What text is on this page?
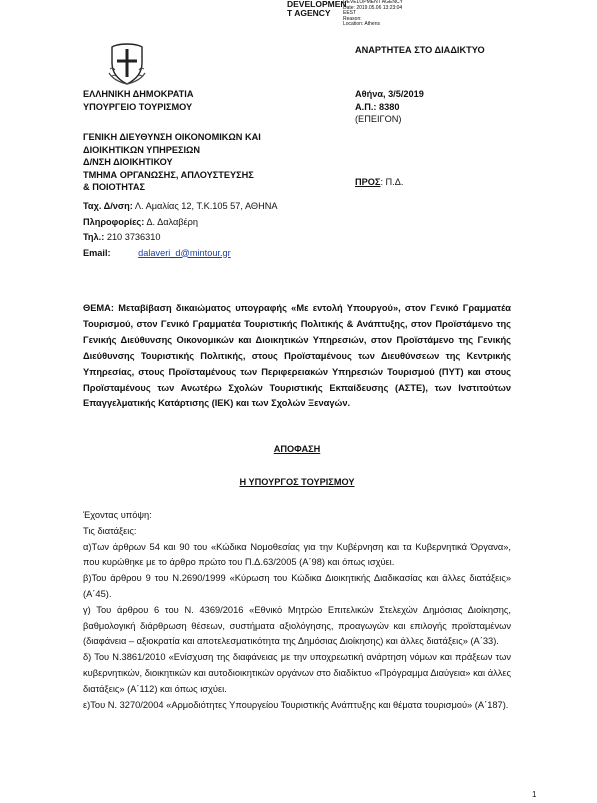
DEVELOPMEN
T AGENCY
DEVELOPMENT AGENCY
Date: 2019.05.06 13:23:04
EEST
Reason:
Location: Athens
ΑΝΑΡΤΗΤΕΑ ΣΤΟ ΔΙΑΔΙΚΤΥΟ
ΕΛΛΗΝΙΚΗ ΔΗΜΟΚΡΑΤΙΑ
ΥΠΟΥΡΓΕΙΟ ΤΟΥΡΙΣΜΟΥ
ΓΕΝΙΚΗ ΔΙΕΥΘΥΝΣΗ ΟΙΚΟΝΟΜΙΚΩΝ ΚΑΙ
ΔΙΟΙΚΗΤΙΚΩΝ ΥΠΗΡΕΣΙΩΝ
Δ/ΝΣΗ ΔΙΟΙΚΗΤΙΚΟΥ
ΤΜΗΜΑ ΟΡΓΑΝΩΣΗΣ, ΑΠΛΟΥΣΤΕΥΣΗΣ
& ΠΟΙΟΤΗΤΑΣ
Ταχ. Δ/νση: Λ. Αμαλίας 12, Τ.Κ.105 57, ΑΘΗΝΑ
Πληροφορίες: Δ. Δαλαβέρη
Τηλ.: 210 3736310
Email:	dalaveri_d@mintour.gr
Αθήνα, 3/5/2019
Α.Π.: 8380
(ΕΠΕΙΓΟΝ)
ΠΡΟΣ: Π.Δ.
ΘΕΜΑ: Μεταβίβαση δικαιώματος υπογραφής «Με εντολή Υπουργού», στον Γενικό Γραμματέα Τουρισμού, στον Γενικό Γραμματέα Τουριστικής Πολιτικής & Ανάπτυξης, στον Προϊστάμενο της Γενικής Διεύθυνσης Οικονομικών και Διοικητικών Υπηρεσιών, στον Προϊστάμενο της Γενικής Διεύθυνσης Τουριστικής Πολιτικής, στους Προϊσταμένους των Διευθύνσεων της Κεντρικής Υπηρεσίας, στους Προϊσταμένους των Περιφερειακών Υπηρεσιών Τουρισμού (ΠΥΤ) και στους Προϊσταμένους των Ανωτέρω Σχολών Τουριστικής Εκπαίδευσης (ΑΣΤΕ), των Ινστιτούτων Επαγγελματικής Κατάρτισης (ΙΕΚ) και των Σχολών Ξεναγών.
ΑΠΟΦΑΣΗ
Η ΥΠΟΥΡΓΟΣ ΤΟΥΡΙΣΜΟΥ
Έχοντας υπόψη:
Τις διατάξεις:
α)Των άρθρων 54 και 90 του «Κώδικα Νομοθεσίας για την Κυβέρνηση και τα Κυβερνητικά Όργανα», που κυρώθηκε με το άρθρο πρώτο του Π.Δ.63/2005 (Α΄98) και όπως ισχύει.
β)Του άρθρου 9 του Ν.2690/1999 «Κύρωση του Κώδικα Διοικητικής Διαδικασίας και άλλες διατάξεις» (Α΄45).
γ) Του άρθρου 6 του Ν. 4369/2016 «Εθνικό Μητρώο Επιτελικών Στελεχών Δημόσιας Διοίκησης, βαθμολογική διάρθρωση θέσεων, συστήματα αξιολόγησης, προαγωγών και επιλογής προϊσταμένων (διαφάνεια – αξιοκρατία και αποτελεσματικότητα της Δημόσιας Διοίκησης) και άλλες διατάξεις» (Α΄33).
δ) Του Ν.3861/2010 «Ενίσχυση της διαφάνειας με την υποχρεωτική ανάρτηση νόμων και πράξεων των κυβερνητικών, διοικητικών και αυτοδιοικητικών οργάνων στο διαδίκτυο «Πρόγραμμα Διαύγεια» και άλλες διατάξεις» (Α΄112) και όπως ισχύει.
ε)Του Ν. 3270/2004 «Αρμοδιότητες Υπουργείου Τουριστικής Ανάπτυξης και θέματα τουρισμού» (Α΄187).
1
